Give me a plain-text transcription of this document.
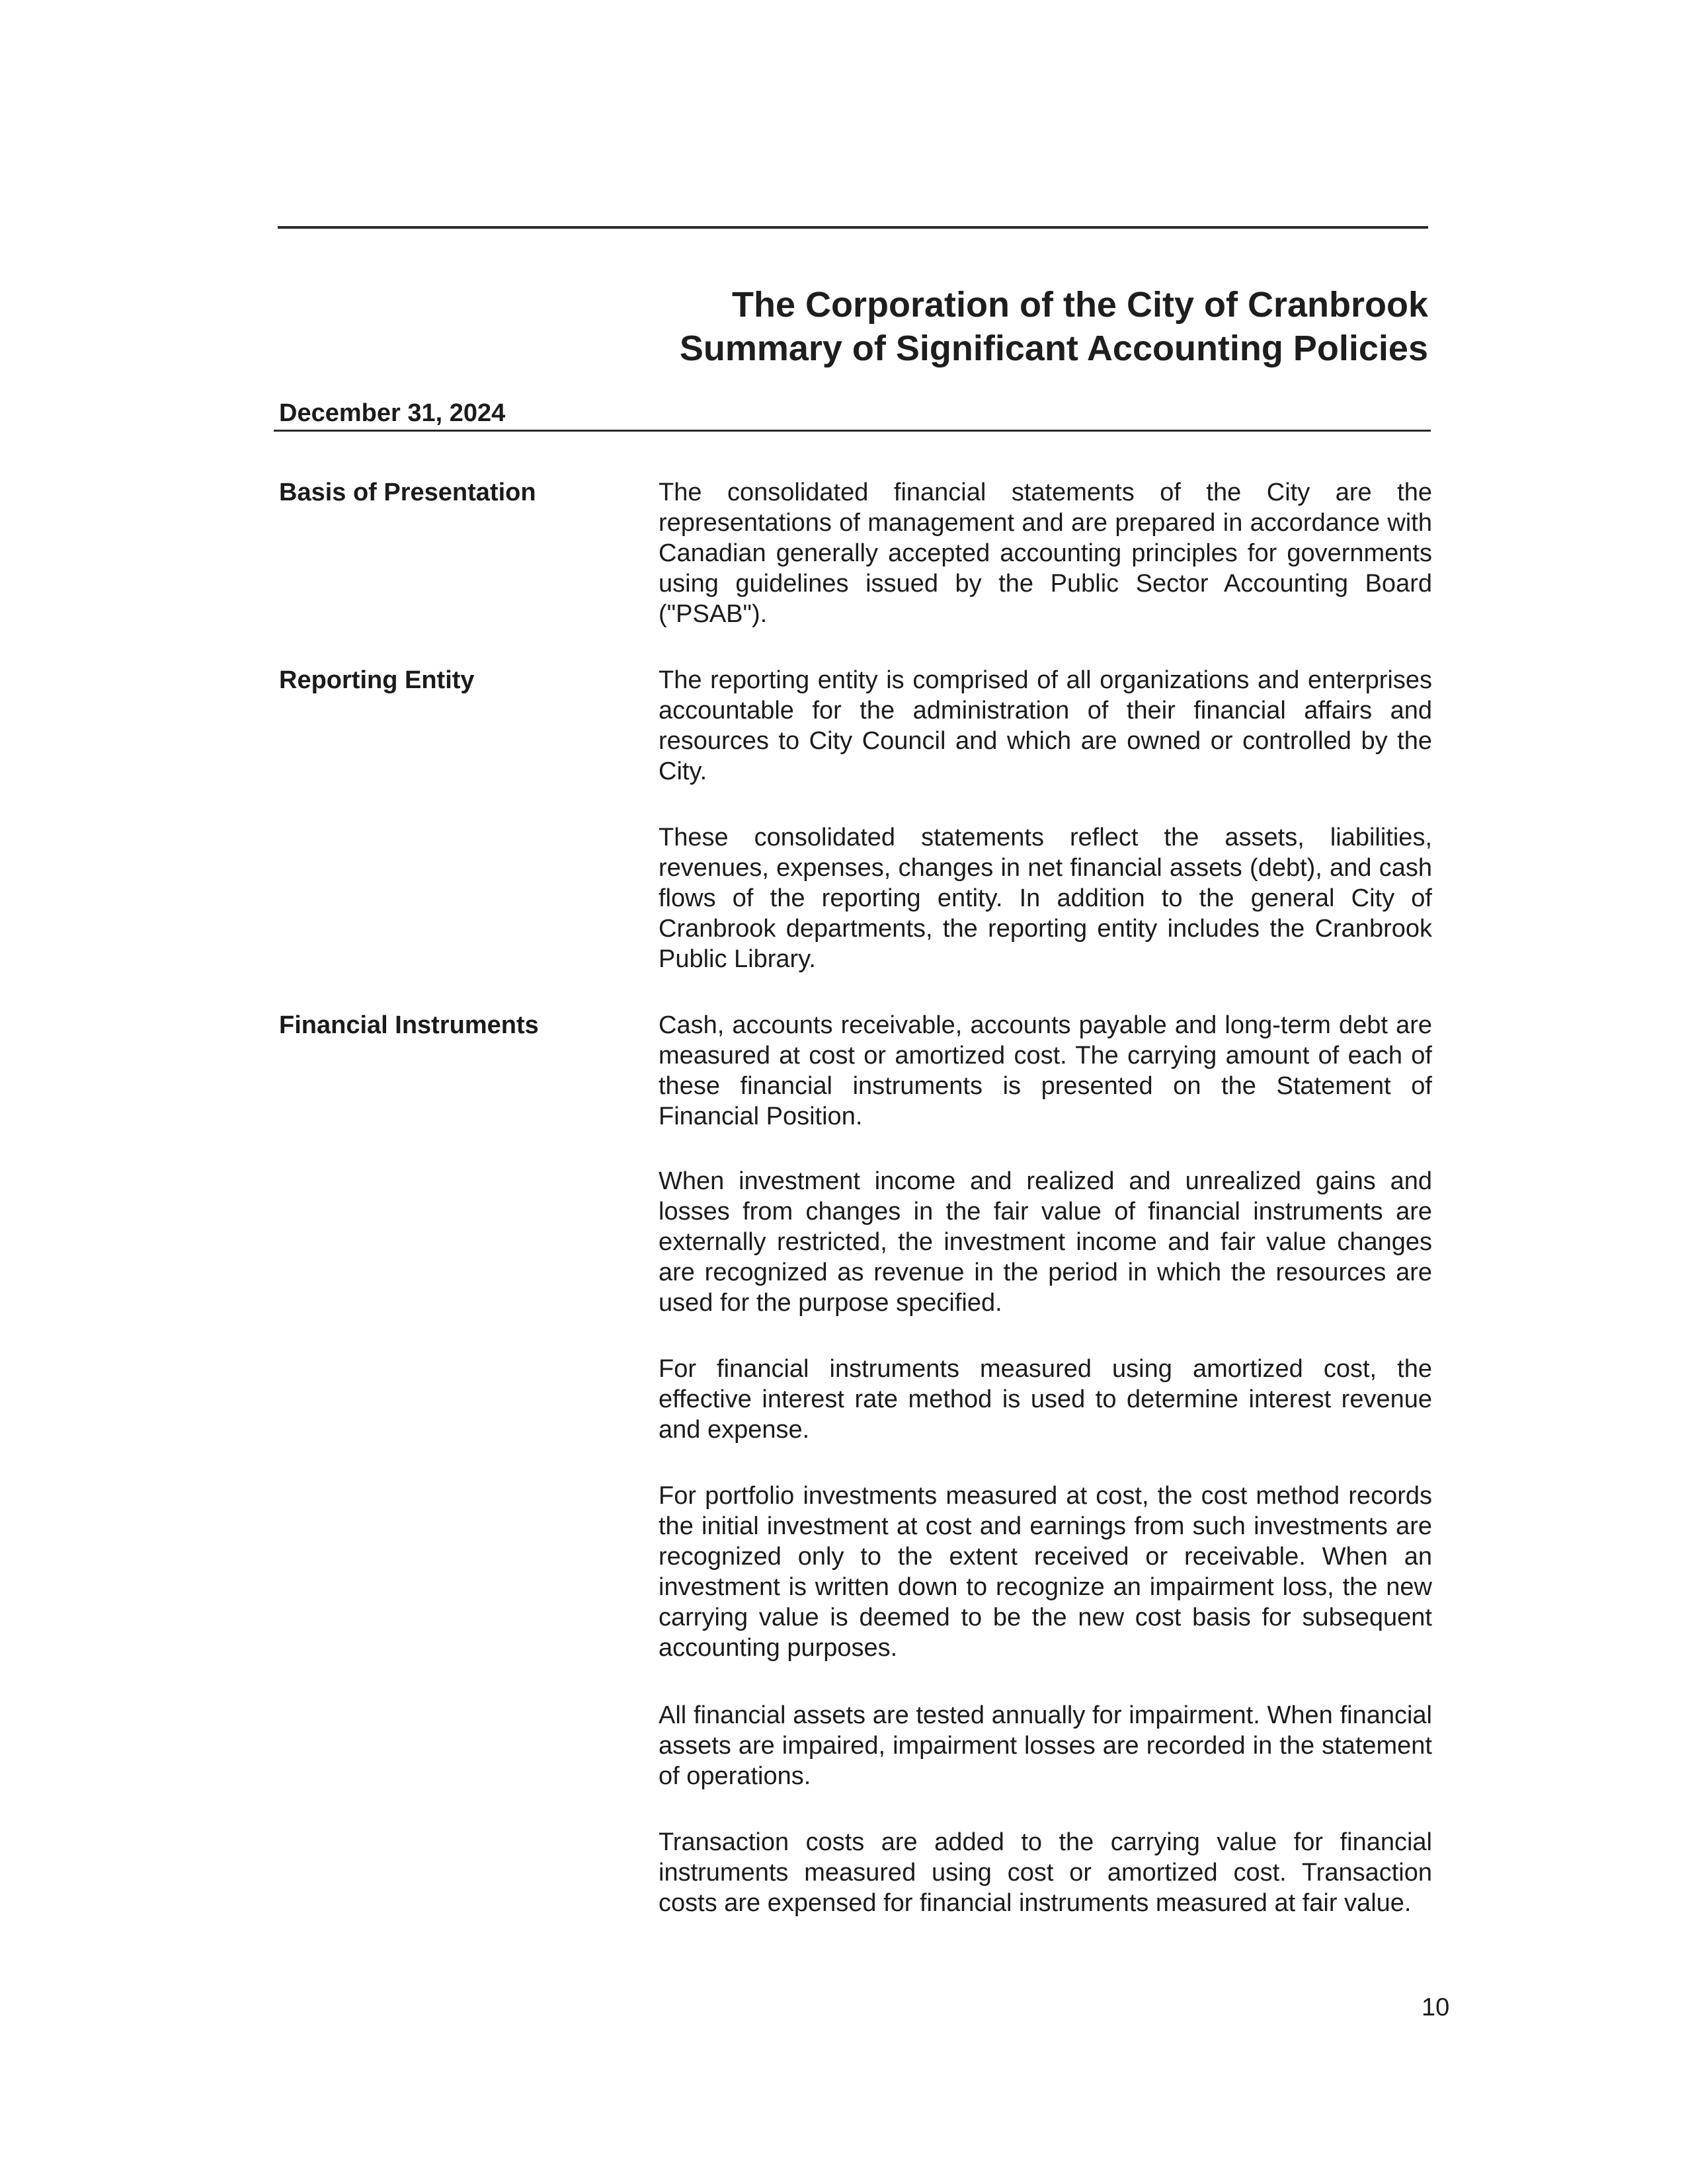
The Corporation of the City of Cranbrook
Summary of Significant Accounting Policies
December 31, 2024
Basis of Presentation	The consolidated financial statements of the City are the representations of management and are prepared in accordance with Canadian generally accepted accounting principles for governments using guidelines issued by the Public Sector Accounting Board ("PSAB").

Reporting Entity	The reporting entity is comprised of all organizations and enterprises accountable for the administration of their financial affairs and resources to City Council and which are owned or controlled by the City.

These consolidated statements reflect the assets, liabilities, revenues, expenses, changes in net financial assets (debt), and cash flows of the reporting entity. In addition to the general City of Cranbrook departments, the reporting entity includes the Cranbrook Public Library.

Financial Instruments	Cash, accounts receivable, accounts payable and long-term debt are measured at cost or amortized cost. The carrying amount of each of these financial instruments is presented on the Statement of Financial Position.

When investment income and realized and unrealized gains and losses from changes in the fair value of financial instruments are externally restricted, the investment income and fair value changes are recognized as revenue in the period in which the resources are used for the purpose specified.

For financial instruments measured using amortized cost, the effective interest rate method is used to determine interest revenue and expense.

For portfolio investments measured at cost, the cost method records the initial investment at cost and earnings from such investments are recognized only to the extent received or receivable. When an investment is written down to recognize an impairment loss, the new carrying value is deemed to be the new cost basis for subsequent accounting purposes.

All financial assets are tested annually for impairment. When financial assets are impaired, impairment losses are recorded in the statement of operations.

Transaction costs are added to the carrying value for financial instruments measured using cost or amortized cost. Transaction costs are expensed for financial instruments measured at fair value.

10
